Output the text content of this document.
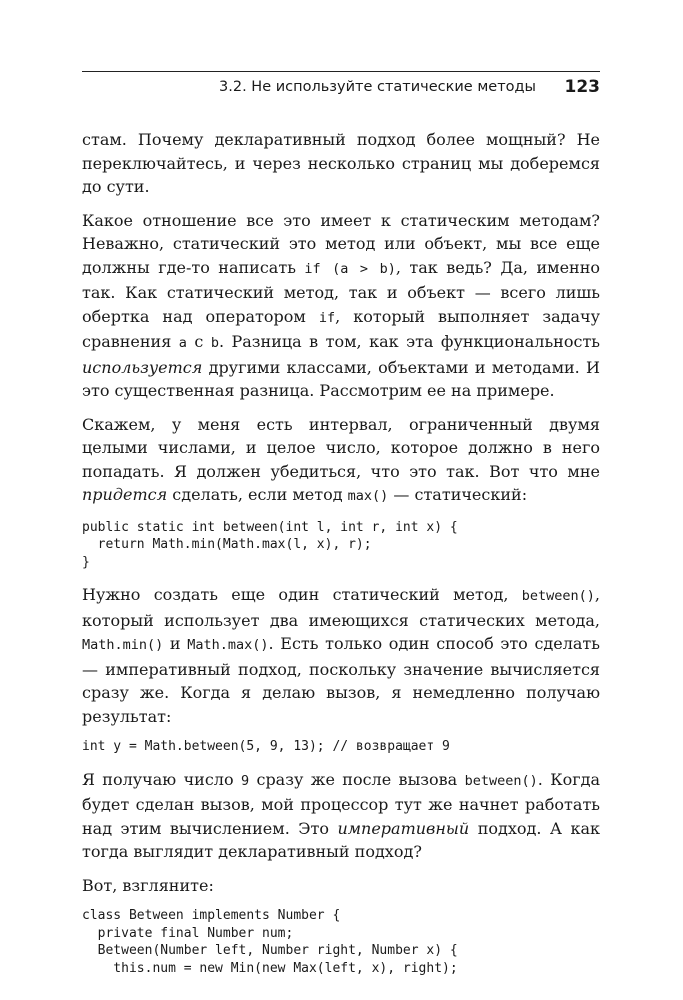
3.2. Не используйте статические методы 123

стам. Почему декларативный подход более мощный? Не переключайтесь, и через несколько страниц мы доберемся до сути.

Какое отношение все это имеет к статическим методам? Неважно, статический это метод или объект, мы все еще должны где-то написать if (a > b), так ведь? Да, именно так. Как статический метод, так и объект — всего лишь обертка над оператором if, который выполняет задачу сравнения a с b. Разница в том, как эта функциональность используется другими классами, объектами и методами. И это существенная разница. Рассмотрим ее на примере.

Скажем, у меня есть интервал, ограниченный двумя целыми числами, и целое число, которое должно в него попадать. Я должен убедиться, что это так. Вот что мне придется сделать, если метод max() — статический:

public static int between(int l, int r, int x) {
return Math.min(Math.max(l, x), r);
}

Нужно создать еще один статический метод, between(), который использует два имеющихся статических метода, Math.min() и Math.max(). Есть только один способ это сделать — императивный подход, поскольку значение вычисляется сразу же. Когда я делаю вызов, я немедленно получаю результат:

int y = Math.between(5, 9, 13); // возвращает 9

Я получаю число 9 сразу же после вызова between(). Когда будет сделан вызов, мой процессор тут же начнет работать над этим вычислением. Это императивный подход. А как тогда выглядит декларативный подход?

Вот, взгляните:

class Between implements Number {
private final Number num;
Between(Number left, Number right, Number x) {
this.num = new Min(new Max(left, x), right);
